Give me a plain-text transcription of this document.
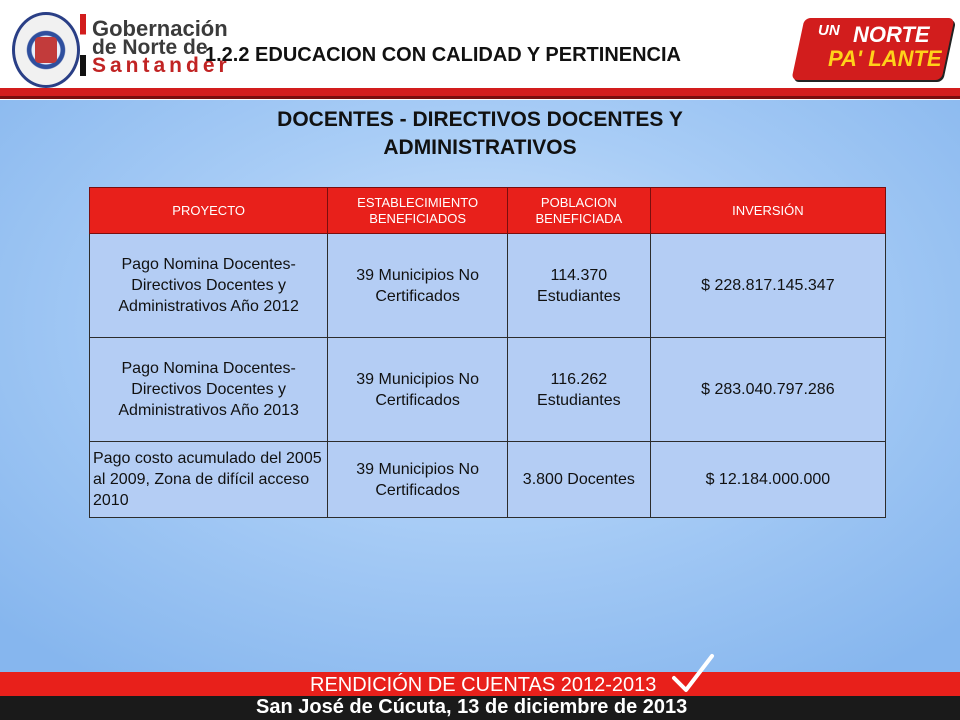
Gobernación
de Norte de
Santander
1.2.2 EDUCACION CON CALIDAD Y PERTINENCIA
UN NORTE
PA' LANTE
DOCENTES - DIRECTIVOS DOCENTES Y ADMINISTRATIVOS
PROYECTO	ESTABLECIMIENTO BENEFICIADOS	POBLACION BENEFICIADA	INVERSIÓN
Pago Nomina Docentes- Directivos Docentes y Administrativos Año 2012	39 Municipios No Certificados	114.370 Estudiantes	$ 228.817.145.347
Pago Nomina Docentes- Directivos Docentes y Administrativos Año 2013	39 Municipios No Certificados	116.262 Estudiantes	$ 283.040.797.286
Pago costo acumulado del 2005 al 2009, Zona de difícil acceso 2010	39 Municipios No Certificados	3.800 Docentes	$ 12.184.000.000
RENDICIÓN DE CUENTAS 2012-2013
San José de Cúcuta, 13 de diciembre de 2013
